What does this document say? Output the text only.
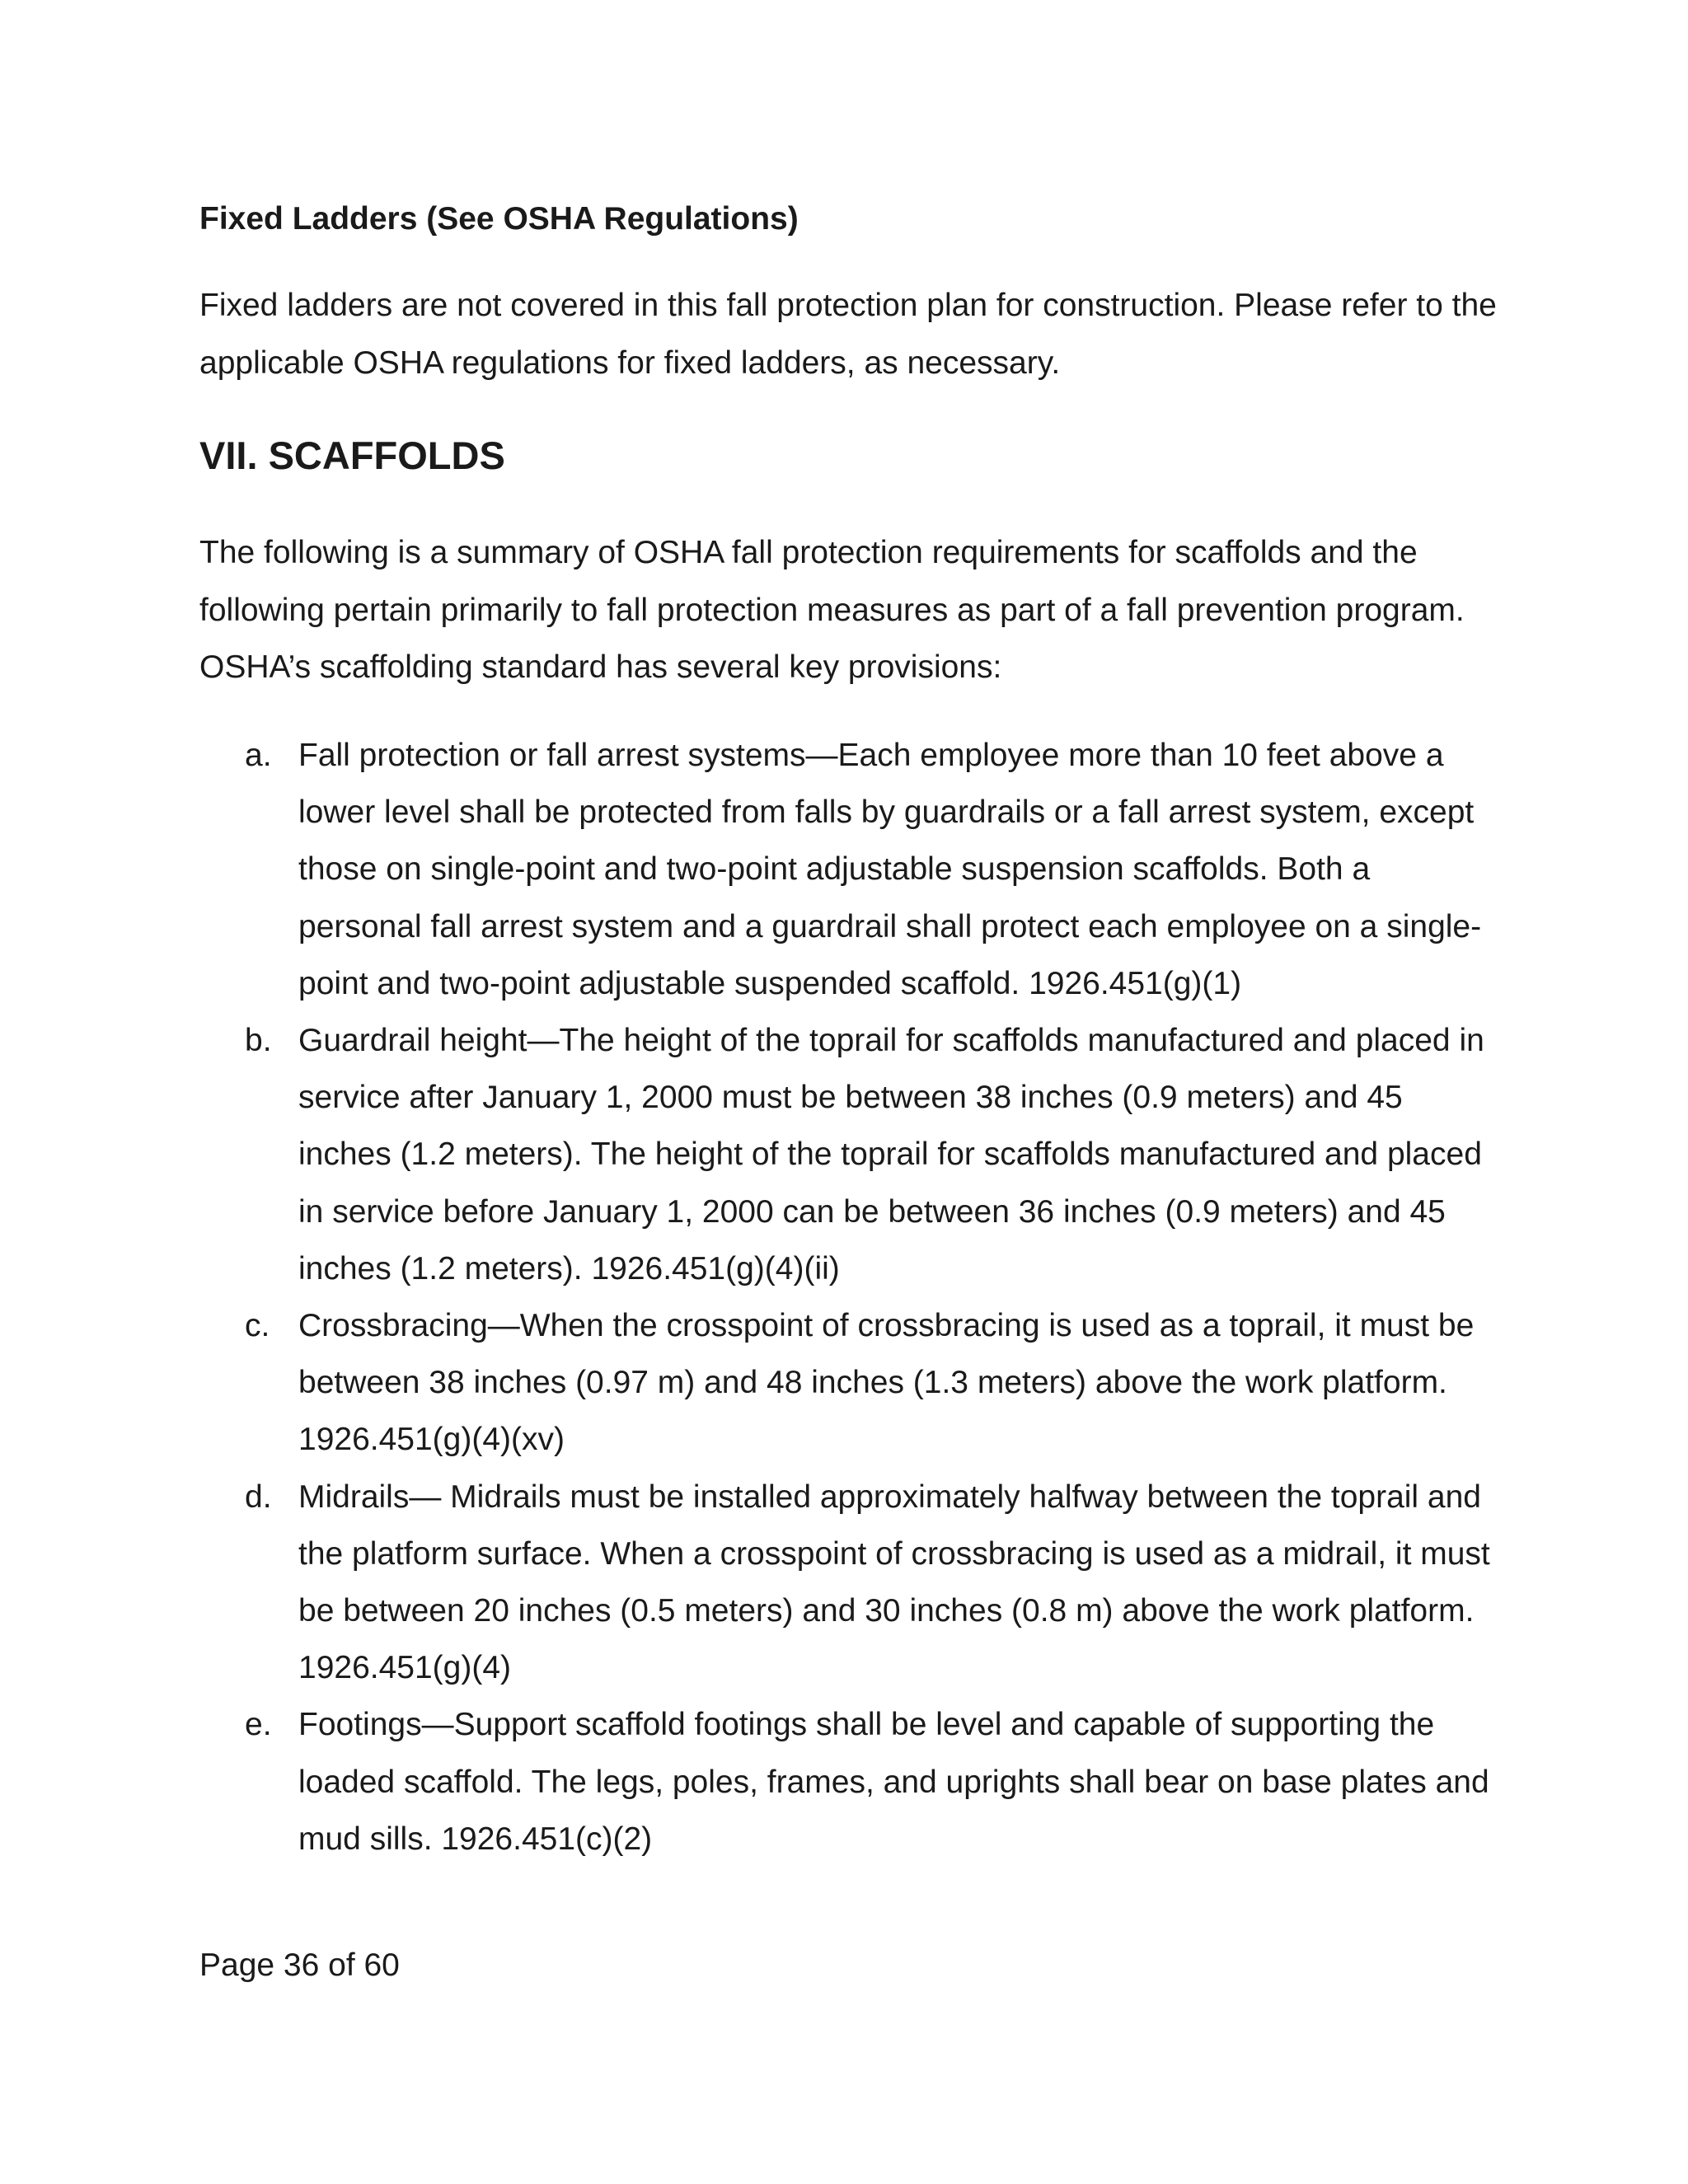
Fixed Ladders (See OSHA Regulations)

Fixed ladders are not covered in this fall protection plan for construction. Please refer to the applicable OSHA regulations for fixed ladders, as necessary.

VII. SCAFFOLDS

The following is a summary of OSHA fall protection requirements for scaffolds and the following pertain primarily to fall protection measures as part of a fall prevention program. OSHA’s scaffolding standard has several key provisions:

a. Fall protection or fall arrest systems—Each employee more than 10 feet above a lower level shall be protected from falls by guardrails or a fall arrest system, except those on single-point and two-point adjustable suspension scaffolds. Both a personal fall arrest system and a guardrail shall protect each employee on a single-point and two-point adjustable suspended scaffold. 1926.451(g)(1)
b. Guardrail height—The height of the toprail for scaffolds manufactured and placed in service after January 1, 2000 must be between 38 inches (0.9 meters) and 45 inches (1.2 meters). The height of the toprail for scaffolds manufactured and placed in service before January 1, 2000 can be between 36 inches (0.9 meters) and 45 inches (1.2 meters). 1926.451(g)(4)(ii)
c. Crossbracing—When the crosspoint of crossbracing is used as a toprail, it must be between 38 inches (0.97 m) and 48 inches (1.3 meters) above the work platform. 1926.451(g)(4)(xv)
d. Midrails— Midrails must be installed approximately halfway between the toprail and the platform surface. When a crosspoint of crossbracing is used as a midrail, it must be between 20 inches (0.5 meters) and 30 inches (0.8 m) above the work platform. 1926.451(g)(4)
e. Footings—Support scaffold footings shall be level and capable of supporting the loaded scaffold. The legs, poles, frames, and uprights shall bear on base plates and mud sills. 1926.451(c)(2)
Page 36 of 60
